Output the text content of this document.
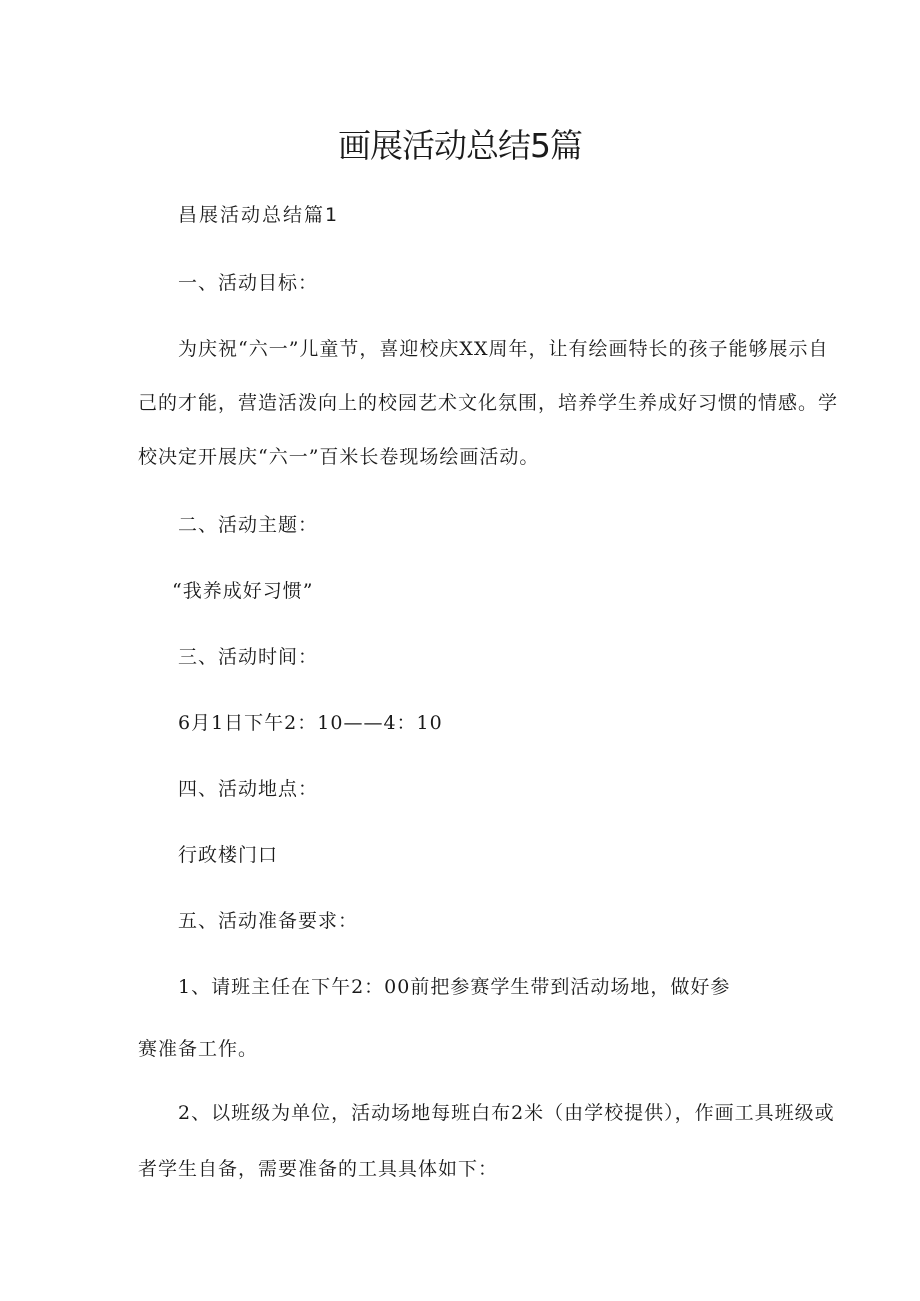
画展活动总结5篇
昌展活动总结篇1
一、活动目标：
为庆祝“六一”儿童节，喜迎校庆XX周年，让有绘画特长的孩子能够展示自
己的才能，营造活泼向上的校园艺术文化氛围，培养学生养成好习惯的情感。学
校决定开展庆“六一”百米长卷现场绘画活动。
二、活动主题：
“我养成好习惯”
三、活动时间：
6月1日下午2：10——4：10
四、活动地点：
行政楼门口
五、活动准备要求：
1、请班主任在下午2：00前把参赛学生带到活动场地，做好参
赛准备工作。
2、以班级为单位，活动场地每班白布2米（由学校提供），作画工具班级或
者学生自备，需要准备的工具具体如下：
